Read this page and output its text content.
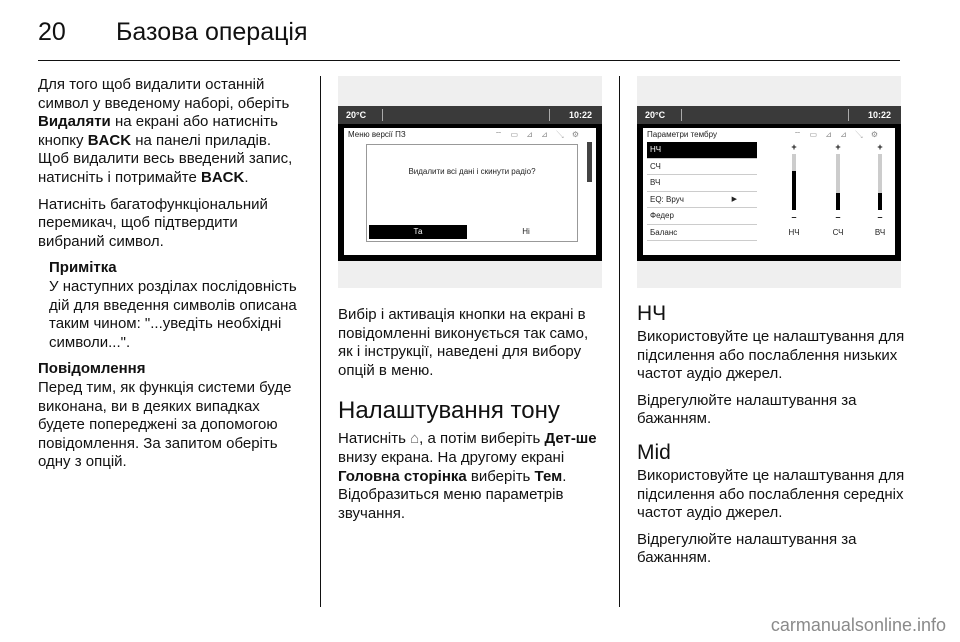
20	Базова операція

Для того щоб видалити останній символ у введеному наборі, оберіть Видаляти на екрані або натисніть кнопку BACK на панелі приладів. Щоб видалити весь введений запис, натисніть і потримайте BACK.

Натисніть багатофункціональний перемикач, щоб підтвердити вибраний символ.

Примітка
У наступних розділах послідовність дій для введення символів описана таким чином: "...уведіть необхідні символи...".
Повідомлення

Перед тим, як функція системи буде виконана, ви в деяких випадках будете попереджені за допомогою повідомлення. За запитом оберіть одну з опцій.

20°C	10:22
Меню версії ПЗ	⌔ ▭ ⊿ ⊿ ↘ ⚙
Видалити всі дані і скинути радіо?
Та	Ні

Вибір і активація кнопки на екрані в повідомленні виконується так само, як і інструкції, наведені для вибору опцій в меню.

Налаштування тону

Натисніть ⌂, а потім виберіть Дет-ше внизу екрана. На другому екрані Головна сторінка виберіть Тем. Відобразиться меню параметрів звучання.

20°C	10:22
Параметри тембру	⌔ ▭ ⊿ ⊿ ↘ ⚙
НЧ
СЧ
ВЧ
EQ: Вруч	▶
Федер
Баланс
+
–
+
–
+
–
НЧ	СЧ	ВЧ
НЧ

Використовуйте це налаштування для підсилення або послаблення низьких частот аудіо джерел.

Відрегулюйте налаштування за бажанням.

Mid

Використовуйте це налаштування для підсилення або послаблення середніх частот аудіо джерел.

Відрегулюйте налаштування за бажанням.

carmanualsonline.info
